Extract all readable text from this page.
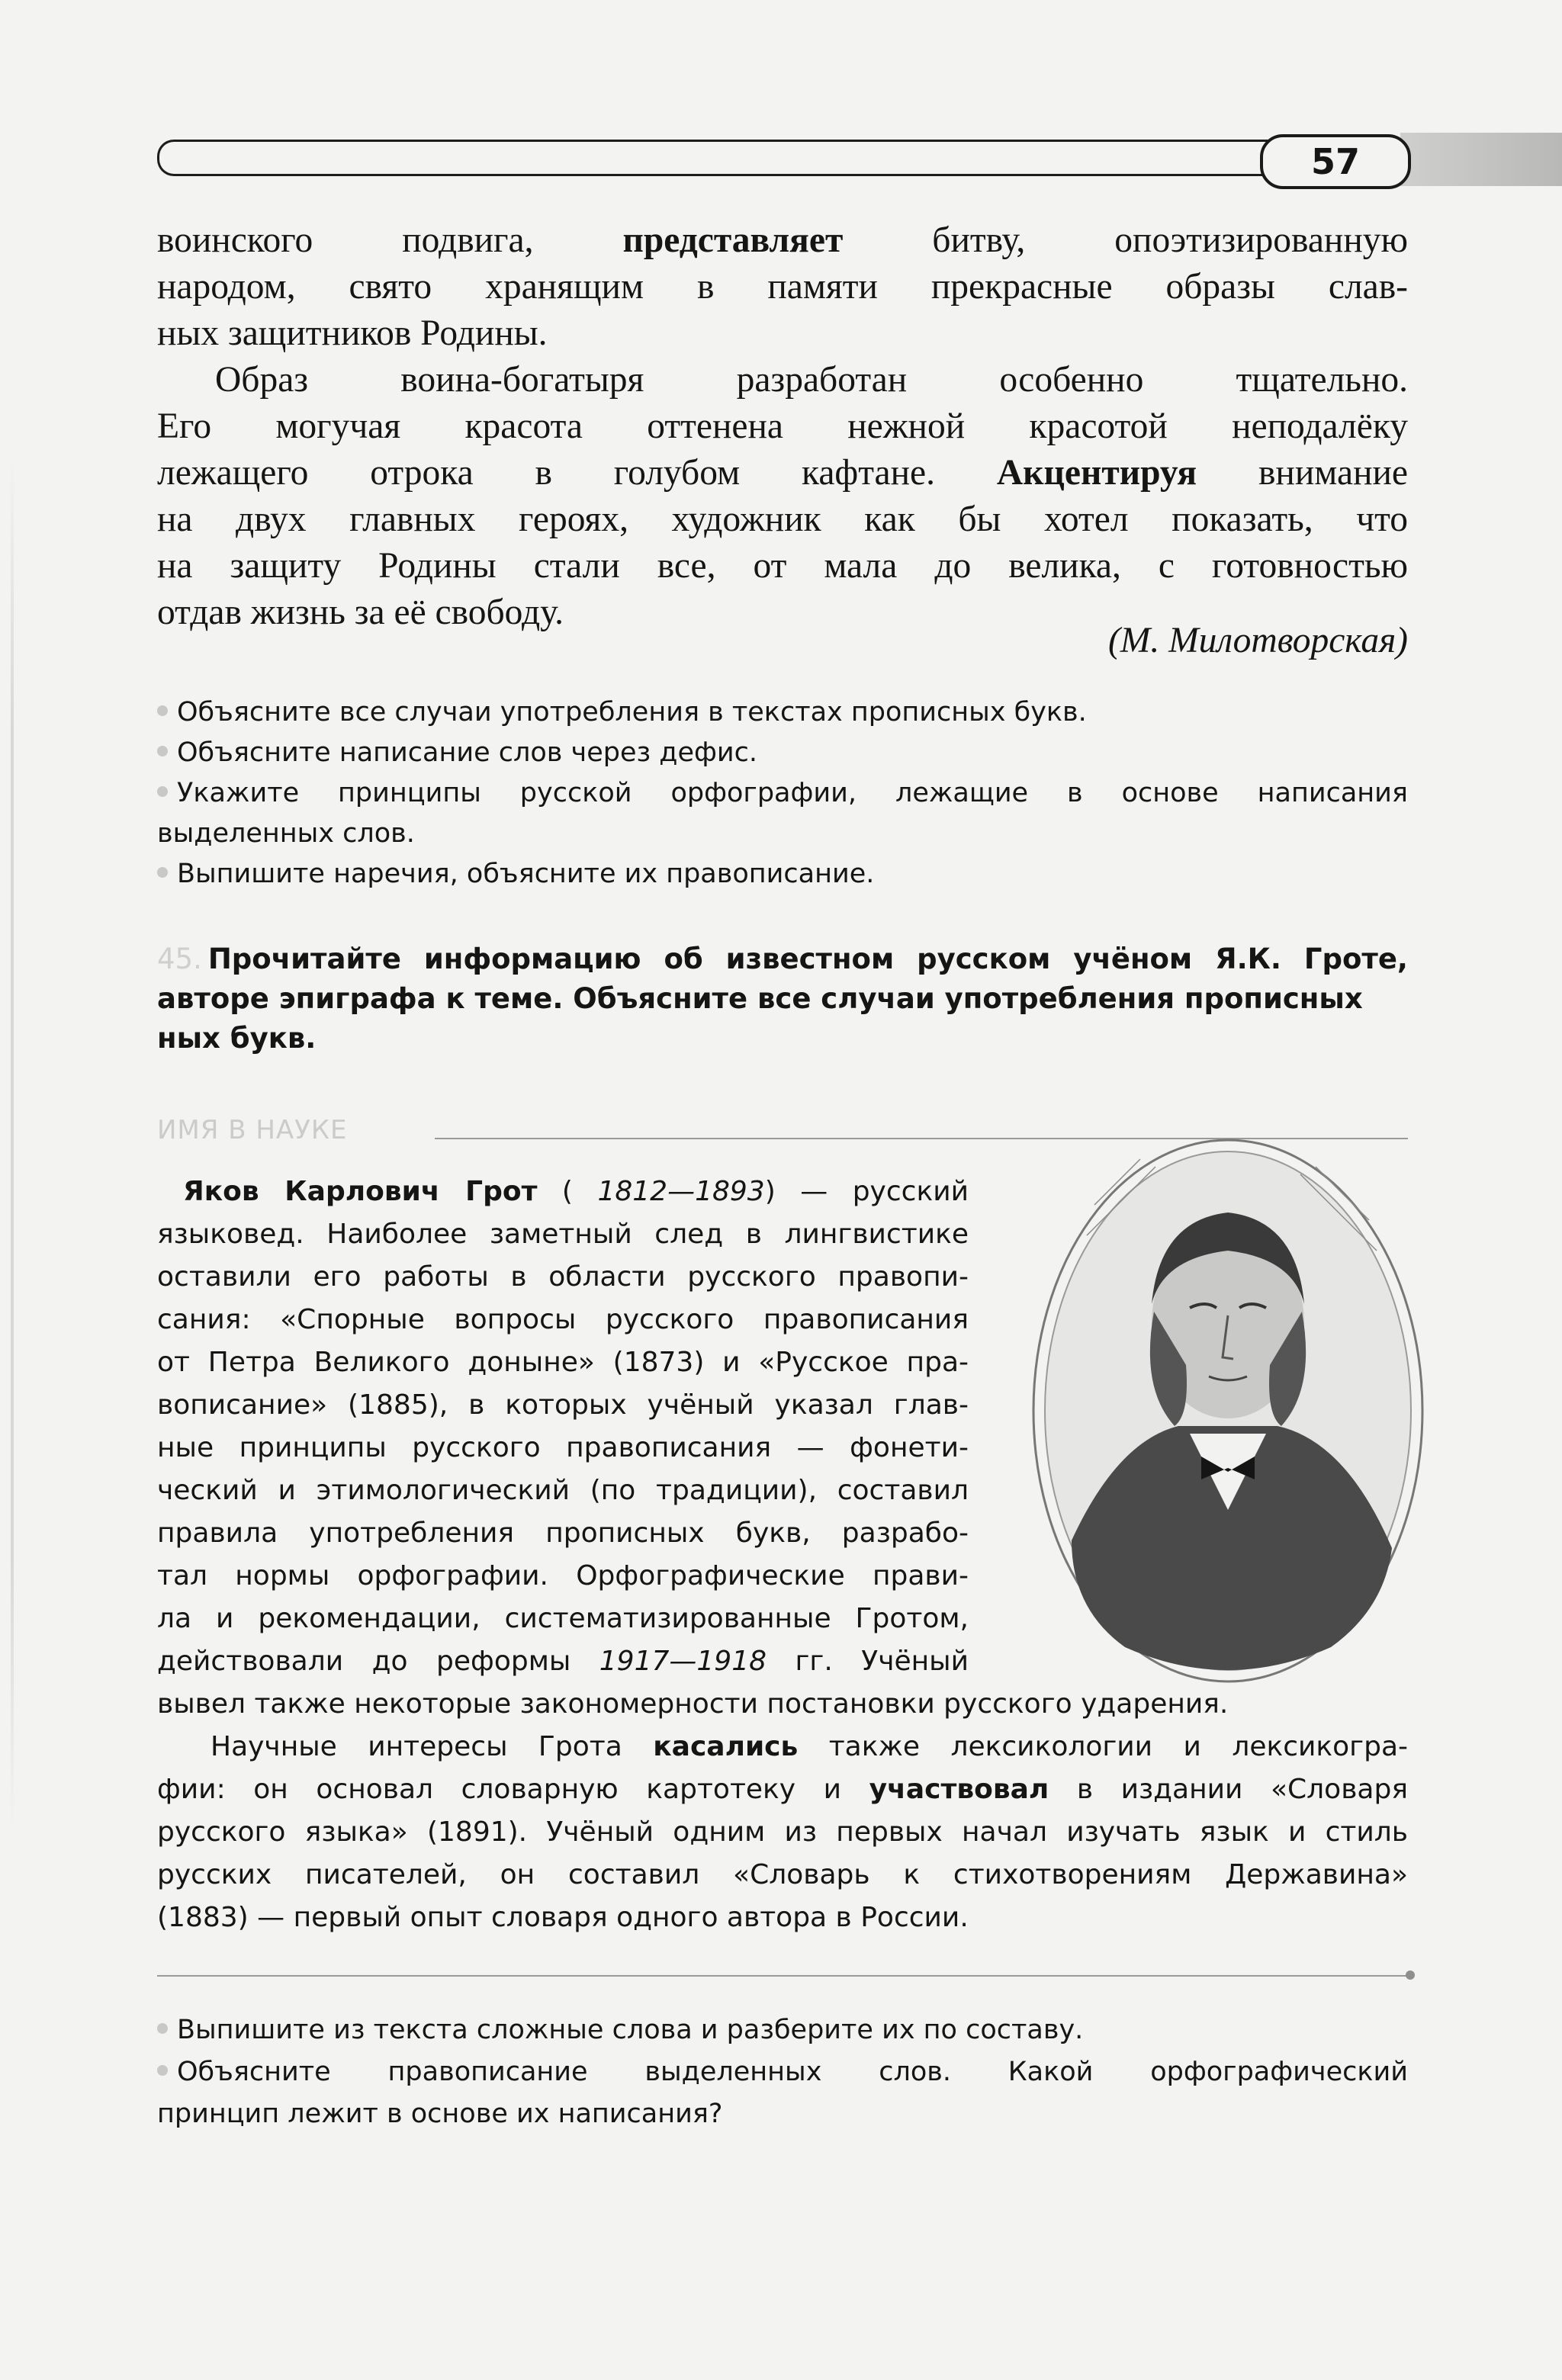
57
воинского подвига, представляет битву, опоэтизированную
народом, свято хранящим в памяти прекрасные образы слав-
ных защитников Родины.
Образ воина-богатыря разработан особенно тщательно.
Его могучая красота оттенена нежной красотой неподалёку
лежащего отрока в голубом кафтане. Акцентируя внимание
на двух главных героях, художник как бы хотел показать, что
на защиту Родины стали все, от мала до велика, с готовностью
отдав жизнь за её свободу.
(М. Милотворская)
Объясните все случаи употребления в текстах прописных букв.
Объясните написание слов через дефис.
Укажите принципы русской орфографии, лежащие в основе написания
выделенных слов.
Выпишите наречия, объясните их правописание.
45. Прочитайте информацию об известном русском учёном Я.К. Гроте,
авторе эпиграфа к теме. Объясните все случаи употребления прописных
ных букв.
ИМЯ В НАУКЕ
Яков Карлович Грот ( 1812—1893) — русский
языковед. Наиболее заметный след в лингвистике
оставили его работы в области русского правопи-
сания: «Спорные вопросы русского правописания
от Петра Великого доныне» (1873) и «Русское пра-
вописание» (1885), в которых учёный указал глав-
ные принципы русского правописания — фонети-
ческий и этимологический (по традиции), составил
правила употребления прописных букв, разрабо-
тал нормы орфографии. Орфографические прави-
ла и рекомендации, систематизированные Гротом,
действовали до реформы 1917—1918 гг. Учёный
вывел также некоторые закономерности постановки русского ударения.
Научные интересы Грота касались также лексикологии и лексикогра-
фии: он основал словарную картотеку и участвовал в издании «Словаря
русского языка» (1891). Учёный одним из первых начал изучать язык и стиль
русских писателей, он составил «Словарь к стихотворениям Державина»
(1883) — первый опыт словаря одного автора в России.
Выпишите из текста сложные слова и разберите их по составу.
Объясните правописание выделенных слов. Какой орфографический
принцип лежит в основе их написания?
